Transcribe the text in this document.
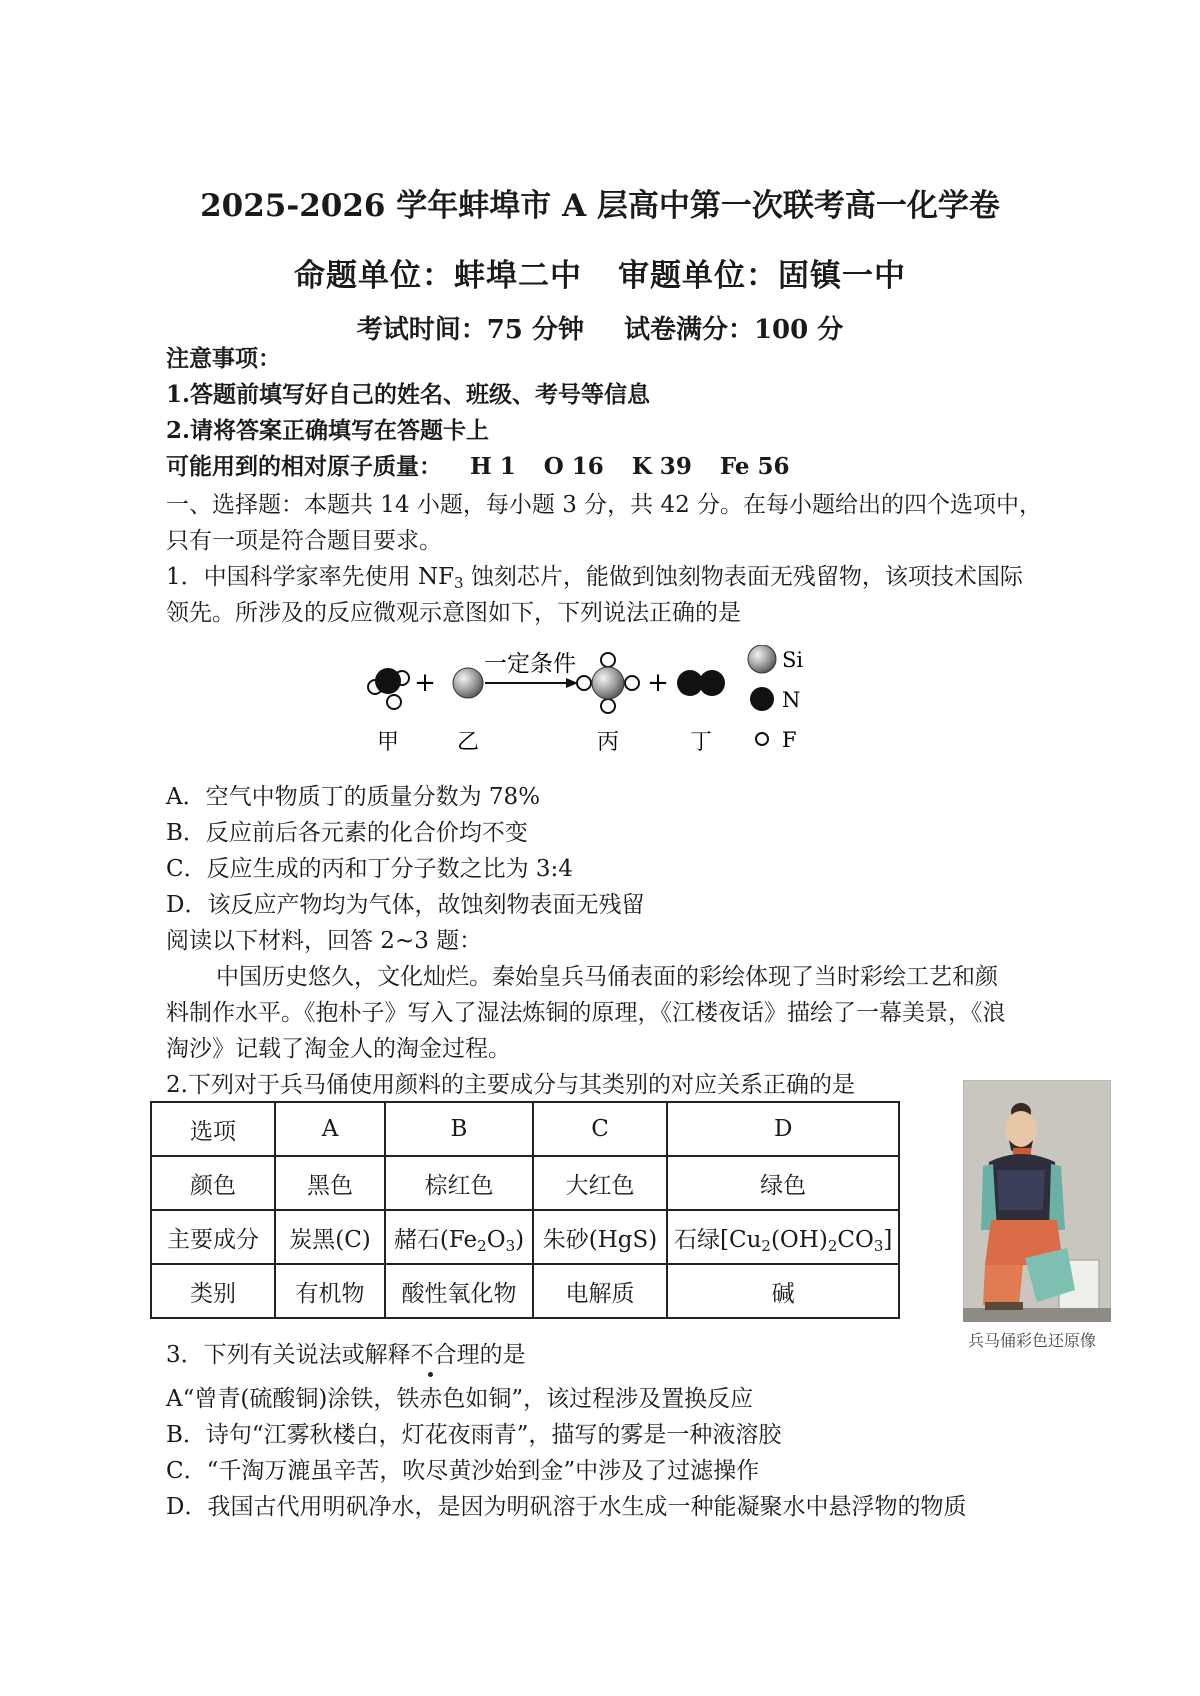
2025-2026 学年蚌埠市 A 层高中第一次联考高一化学卷
命题单位：蚌埠二中 审题单位：固镇一中
考试时间：75 分钟 试卷满分：100 分
注意事项：
1.答题前填写好自己的姓名、班级、考号等信息
2.请将答案正确填写在答题卡上
可能用到的相对原子质量： H 1 O 16 K 39 Fe 56
一、选择题：本题共 14 小题，每小题 3 分，共 42 分。在每小题给出的四个选项中，
只有一项是符合题目要求。
1．中国科学家率先使用 $NF_3$ 蚀刻芯片，能做到蚀刻物表面无残留物，该项技术国际
领先。所涉及的反应微观示意图如下，下列说法正确的是
+
一定条件
+
Si
N
F
甲	乙	丙	丁
A．空气中物质丁的质量分数为 78%
B．反应前后各元素的化合价均不变
C．反应生成的丙和丁分子数之比为 3:4
D．该反应产物均为气体，故蚀刻物表面无残留
阅读以下材料，回答 2~3 题：
中国历史悠久，文化灿烂。秦始皇兵马俑表面的彩绘体现了当时彩绘工艺和颜
料制作水平。《抱朴子》写入了湿法炼铜的原理，《江楼夜话》描绘了一幕美景，《浪
淘沙》记载了淘金人的淘金过程。
2.下列对于兵马俑使用颜料的主要成分与其类别的对应关系正确的是
选项	A	B	C	D
颜色	黑色	棕红色	大红色	绿色
主要成分	炭黑(C)	赭石$(Fe_2O_3)$	朱砂(HgS)	石绿$[Cu_2(OH)_2CO_3]$
类别	有机物	酸性氧化物	电解质	碱
兵马俑彩色还原像
3．下列有关说法或解释不合理的是
A“曾青(硫酸铜)涂铁，铁赤色如铜”，该过程涉及置换反应
B．诗句“江雾秋楼白，灯花夜雨青”，描写的雾是一种液溶胶
C．“千淘万漉虽辛苦，吹尽黄沙始到金”中涉及了过滤操作
D．我国古代用明矾净水，是因为明矾溶于水生成一种能凝聚水中悬浮物的物质
